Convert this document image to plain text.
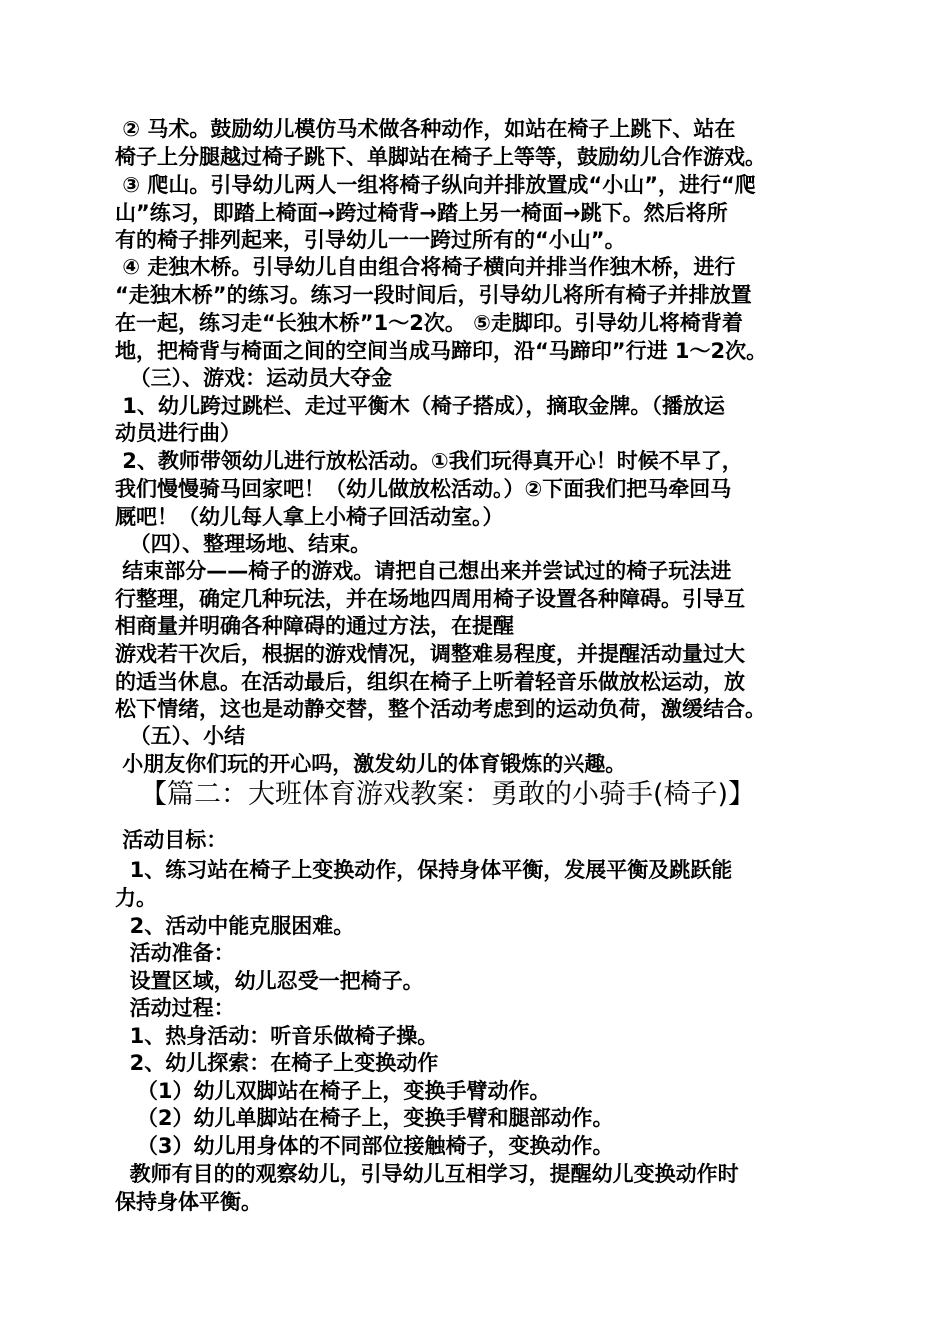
② 马术。鼓励幼儿模仿马术做各种动作，如站在椅子上跳下、站在
椅子上分腿越过椅子跳下、单脚站在椅子上等等，鼓励幼儿合作游戏。
③ 爬山。引导幼儿两人一组将椅子纵向并排放置成“小山”，进行“爬
山”练习，即踏上椅面→跨过椅背→踏上另一椅面→跳下。然后将所
有的椅子排列起来，引导幼儿一一跨过所有的“小山”。
④ 走独木桥。引导幼儿自由组合将椅子横向并排当作独木桥，进行
“走独木桥”的练习。练习一段时间后，引导幼儿将所有椅子并排放置
在一起，练习走“长独木桥”1～2次。 ⑤走脚印。引导幼儿将椅背着
地，把椅背与椅面之间的空间当成马蹄印，沿“马蹄印”行进 1～2次。
（三）、游戏：运动员大夺金
1、幼儿跨过跳栏、走过平衡木（椅子搭成），摘取金牌。（播放运
动员进行曲）
2、教师带领幼儿进行放松活动。①我们玩得真开心！时候不早了，
我们慢慢骑马回家吧！（幼儿做放松活动。）②下面我们把马牵回马
厩吧！（幼儿每人拿上小椅子回活动室。）
（四）、整理场地、结束。
结束部分——椅子的游戏。请把自己想出来并尝试过的椅子玩法进
行整理，确定几种玩法，并在场地四周用椅子设置各种障碍。引导互
相商量并明确各种障碍的通过方法，在提醒
游戏若干次后，根据的游戏情况，调整难易程度，并提醒活动量过大
的适当休息。在活动最后，组织在椅子上听着轻音乐做放松运动，放
松下情绪，这也是动静交替，整个活动考虑到的运动负荷，激缓结合。
（五）、小结
小朋友你们玩的开心吗，激发幼儿的体育锻炼的兴趣。
【篇二：大班体育游戏教案：勇敢的小骑手(椅子)】
活动目标：
1、练习站在椅子上变换动作，保持身体平衡，发展平衡及跳跃能
力。
2、活动中能克服困难。
活动准备：
设置区域，幼儿忍受一把椅子。
活动过程：
1、热身活动：听音乐做椅子操。
2、幼儿探索：在椅子上变换动作
（1）幼儿双脚站在椅子上，变换手臂动作。
（2）幼儿单脚站在椅子上，变换手臂和腿部动作。
（3）幼儿用身体的不同部位接触椅子，变换动作。
教师有目的的观察幼儿，引导幼儿互相学习，提醒幼儿变换动作时
保持身体平衡。
